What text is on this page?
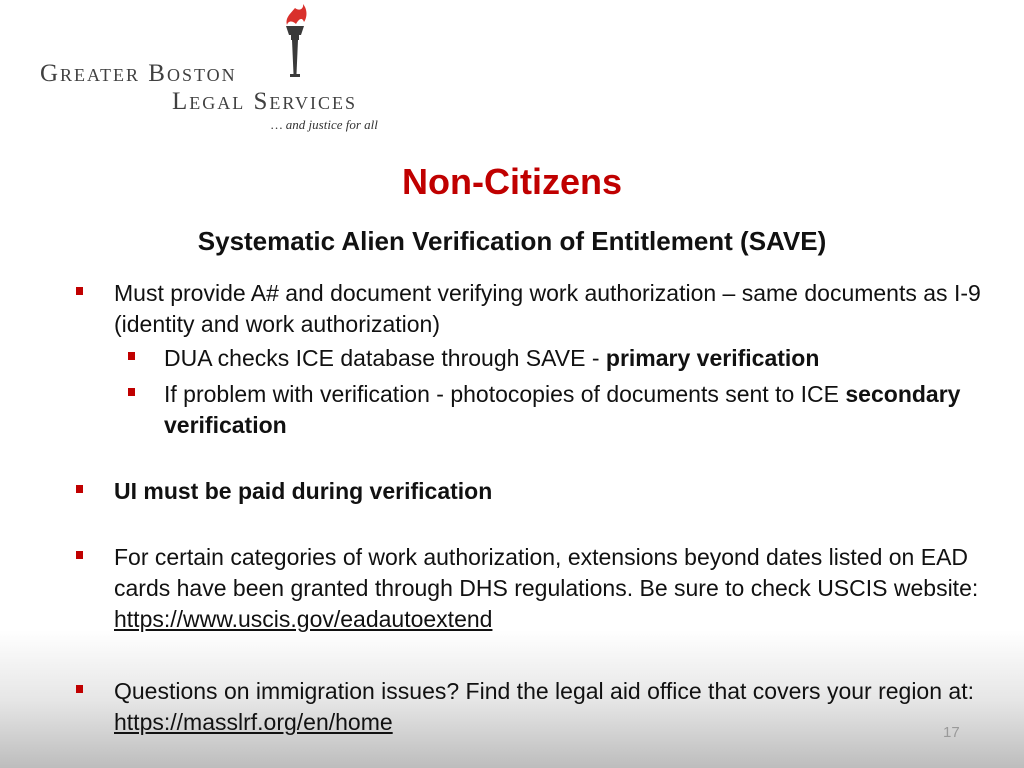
Greater Boston
Legal Services
… and justice for all
Non-Citizens
Systematic Alien Verification of Entitlement (SAVE)
Must provide A# and document verifying work authorization – same documents as I-9 (identity and work authorization)
DUA checks ICE database through SAVE - primary verification
If problem with verification - photocopies of documents sent to ICE secondary verification
UI must be paid during verification
For certain categories of work authorization, extensions beyond dates listed on EAD cards have been granted through DHS regulations. Be sure to check USCIS website: https://www.uscis.gov/eadautoextend
Questions on immigration issues? Find the legal aid office that covers your region at: https://masslrf.org/en/home	17
